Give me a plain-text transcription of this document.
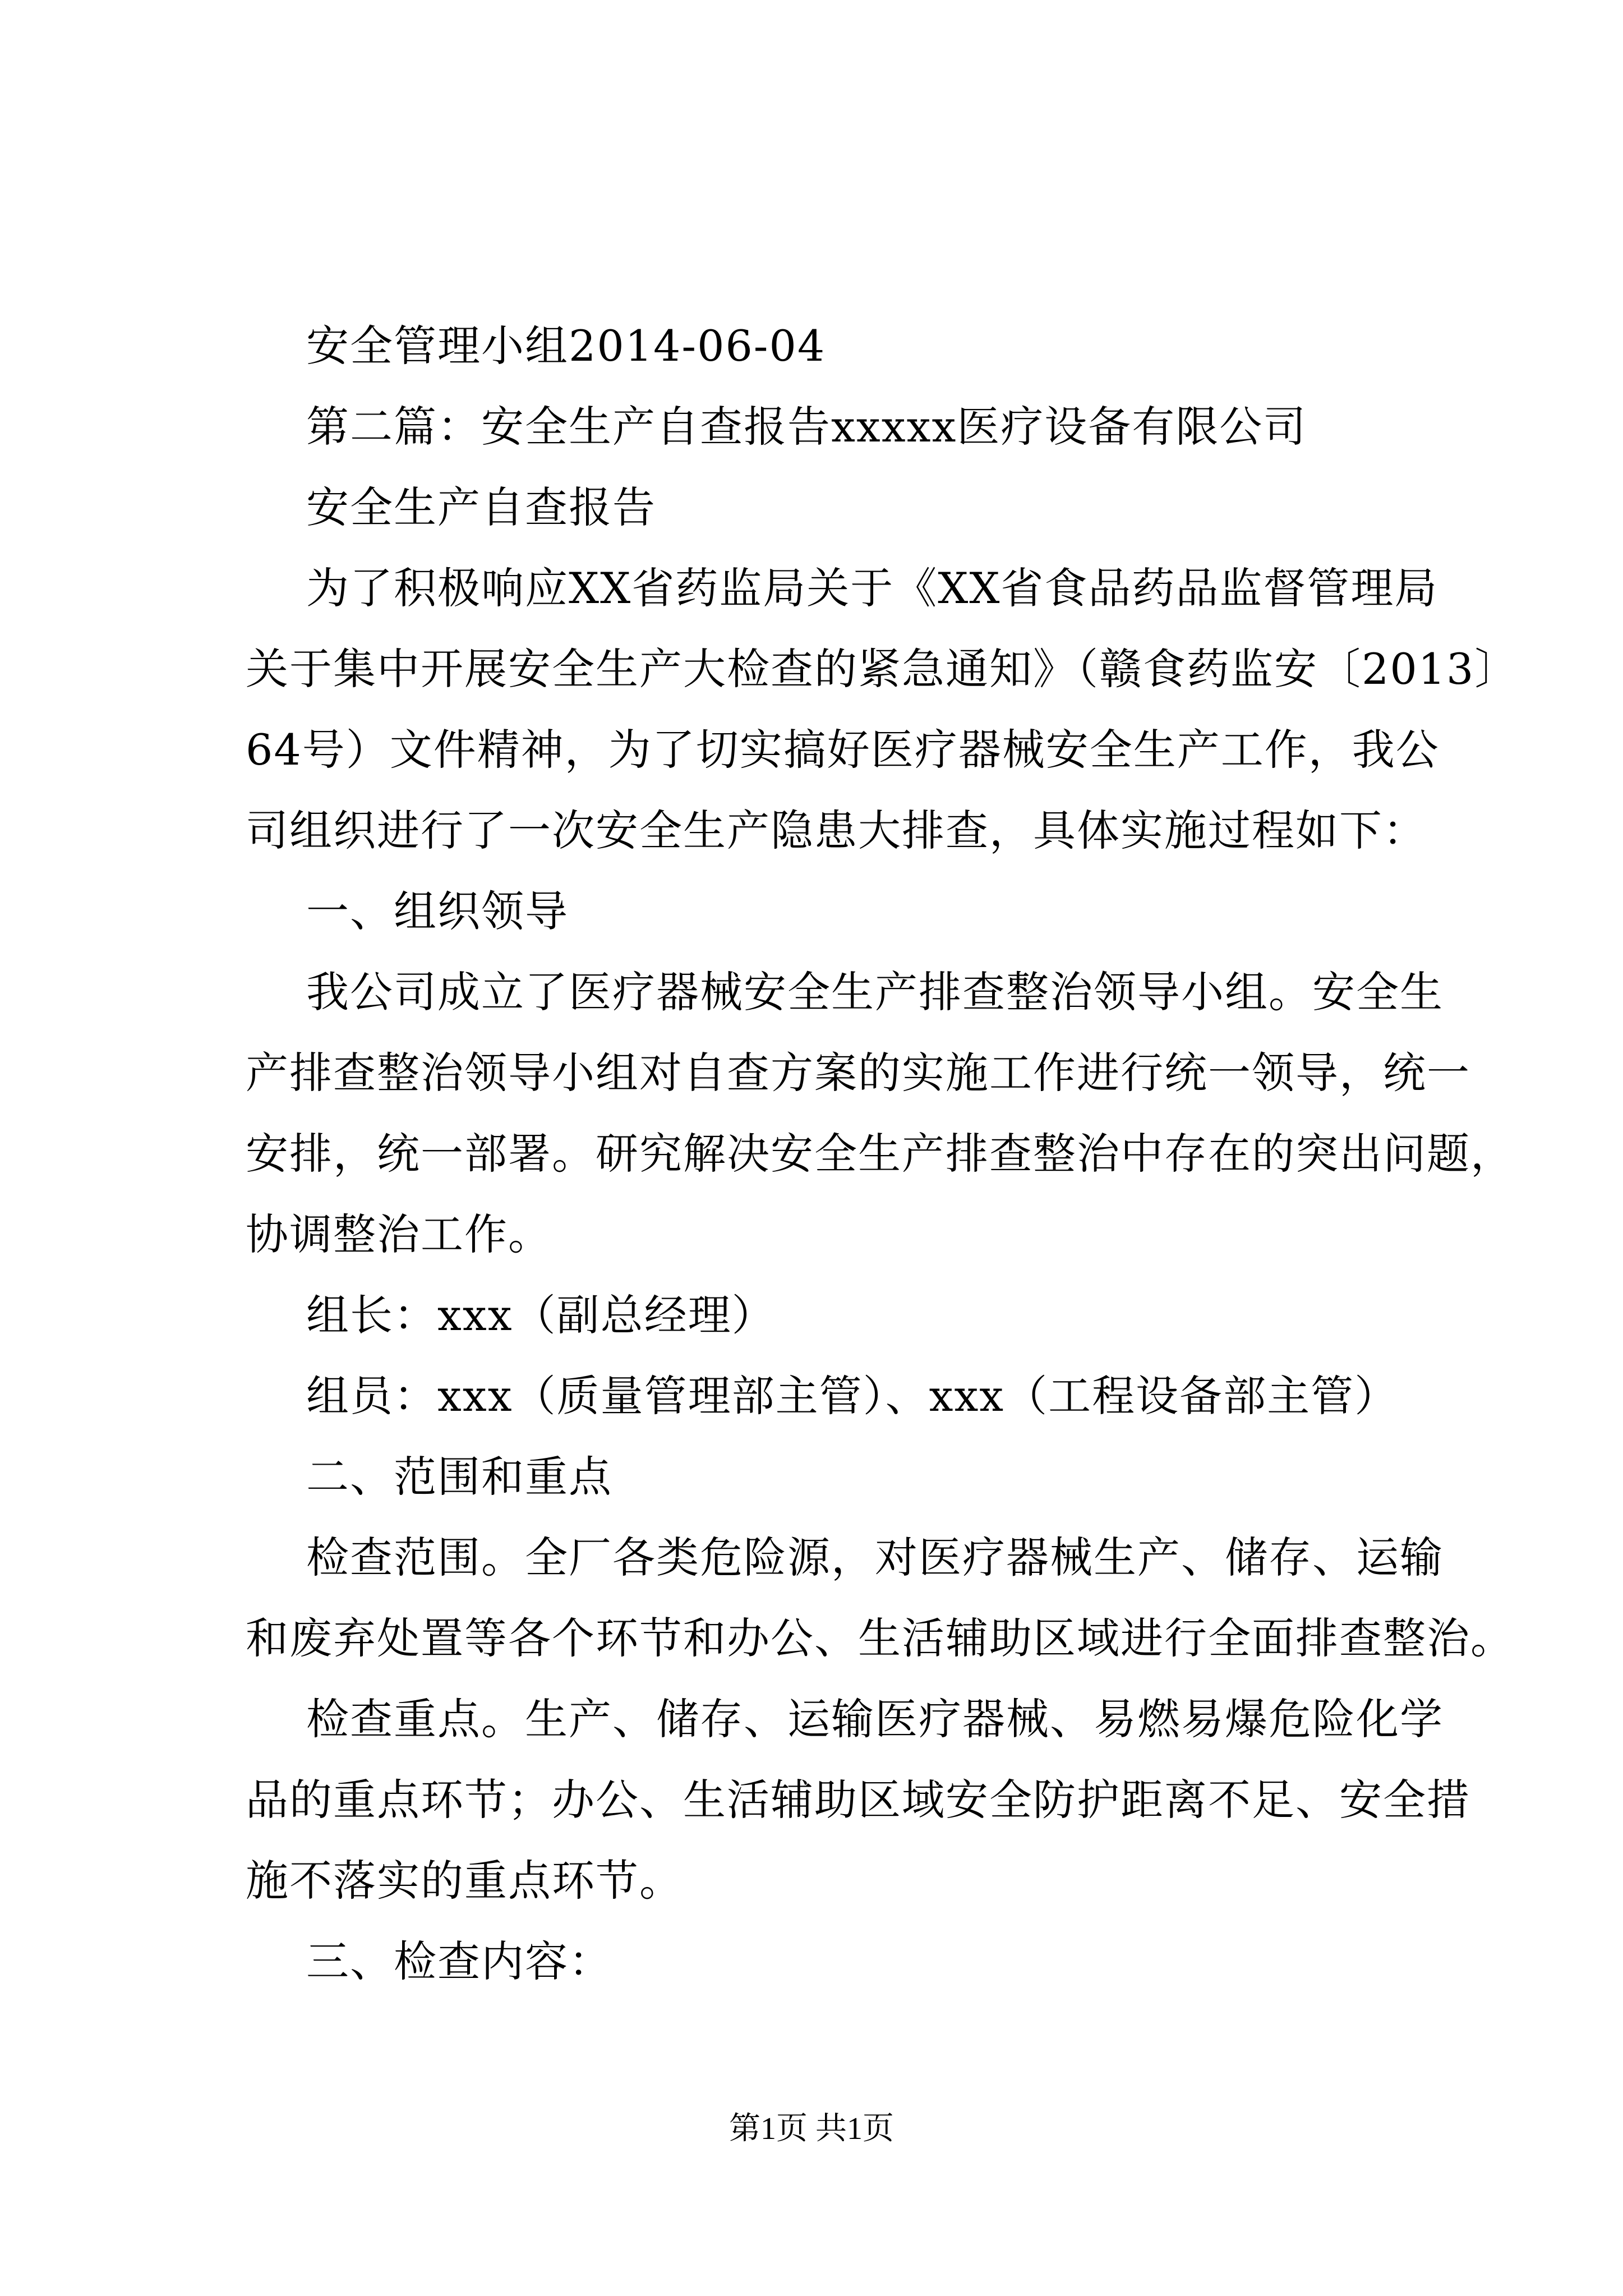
安全管理小组2014-06-04

第二篇：安全生产自查报告xxxxx医疗设备有限公司

安全生产自查报告

为了积极响应XX省药监局关于《XX省食品药品监督管理局

关于集中开展安全生产大检查的紧急通知》（赣食药监安〔2013〕

64号）文件精神，为了切实搞好医疗器械安全生产工作，我公

司组织进行了一次安全生产隐患大排查，具体实施过程如下：

一、组织领导

我公司成立了医疗器械安全生产排查整治领导小组。安全生

产排查整治领导小组对自查方案的实施工作进行统一领导，统一

安排，统一部署。研究解决安全生产排查整治中存在的突出问题，

协调整治工作。

组长：xxx（副总经理）

组员：xxx（质量管理部主管）、xxx（工程设备部主管）

二、范围和重点

检查范围。全厂各类危险源，对医疗器械生产、储存、运输

和废弃处置等各个环节和办公、生活辅助区域进行全面排查整治。

检查重点。生产、储存、运输医疗器械、易燃易爆危险化学

品的重点环节；办公、生活辅助区域安全防护距离不足、安全措

施不落实的重点环节。

三、检查内容：

第1页 共1页
